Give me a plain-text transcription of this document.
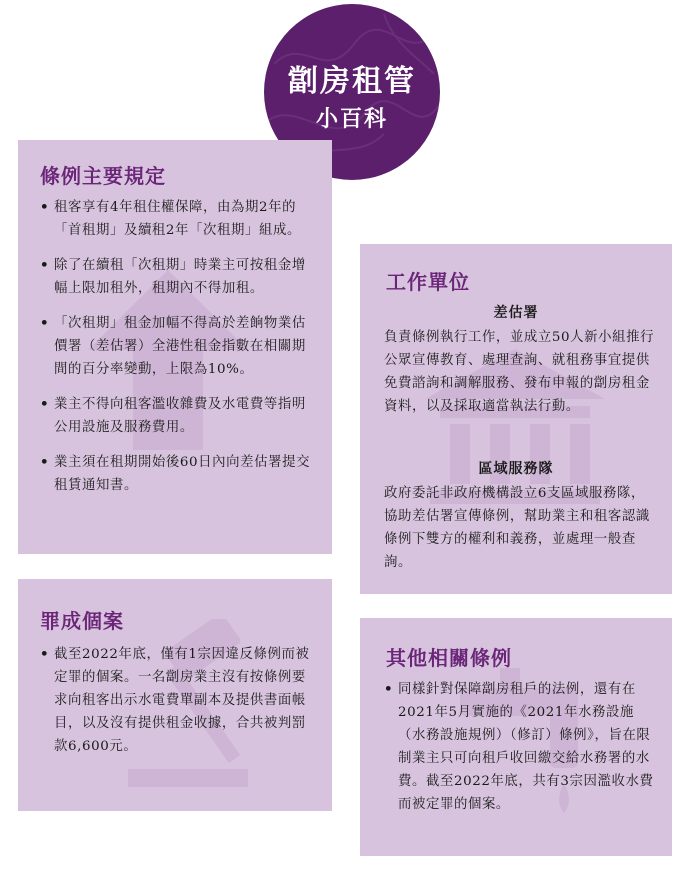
劏房租管
小百科
條例主要規定
• 租客享有4年租住權保障，由為期2年的「首租期」及續租2年「次租期」組成。
• 除了在續租「次租期」時業主可按租金增幅上限加租外，租期內不得加租。
• 「次租期」租金加幅不得高於差餉物業估價署（差估署）全港性租金指數在相關期間的百分率變動，上限為10%。
• 業主不得向租客濫收雜費及水電費等指明公用設施及服務費用。
• 業主須在租期開始後60日內向差估署提交租賃通知書。
工作單位
差估署
負責條例執行工作，並成立50人新小組推行公眾宣傳教育、處理查詢、就租務事宜提供免費諮詢和調解服務、發布申報的劏房租金資料，以及採取適當執法行動。
區域服務隊
政府委託非政府機構設立6支區域服務隊，協助差估署宣傳條例，幫助業主和租客認識條例下雙方的權利和義務，並處理一般查詢。
罪成個案
• 截至2022年底，僅有1宗因違反條例而被定罪的個案。一名劏房業主沒有按條例要求向租客出示水電費單副本及提供書面帳目，以及沒有提供租金收據，合共被判罰款6,600元。
其他相關條例
• 同樣針對保障劏房租戶的法例，還有在2021年5月實施的《2021年水務設施（水務設施規例）（修訂）條例》，旨在限制業主只可向租戶收回繳交給水務署的水費。截至2022年底，共有3宗因濫收水費而被定罪的個案。
